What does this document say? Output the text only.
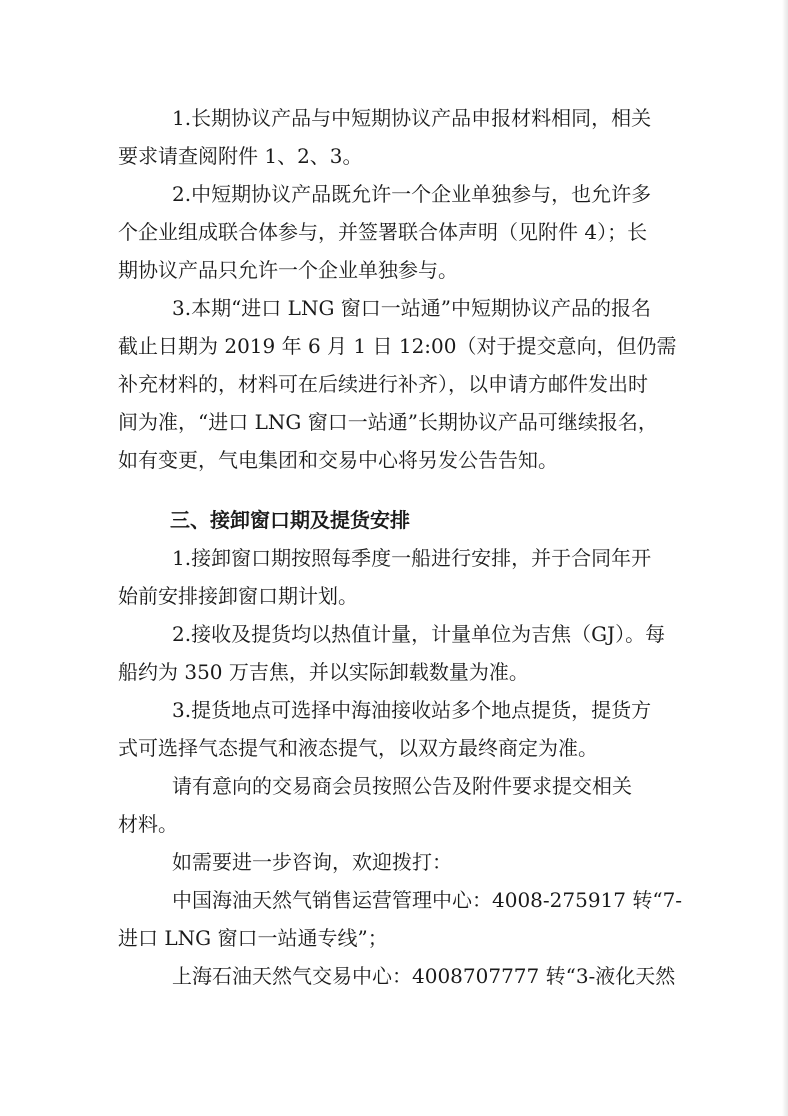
1.长期协议产品与中短期协议产品申报材料相同，相关
要求请查阅附件 1、2、3。
2.中短期协议产品既允许一个企业单独参与，也允许多
个企业组成联合体参与，并签署联合体声明（见附件 4）；长
期协议产品只允许一个企业单独参与。
3.本期“进口 LNG 窗口一站通”中短期协议产品的报名
截止日期为 2019 年 6 月 1 日 12:00（对于提交意向，但仍需
补充材料的，材料可在后续进行补齐），以申请方邮件发出时
间为准，“进口 LNG 窗口一站通”长期协议产品可继续报名，
如有变更，气电集团和交易中心将另发公告告知。
三、接卸窗口期及提货安排
1.接卸窗口期按照每季度一船进行安排，并于合同年开
始前安排接卸窗口期计划。
2.接收及提货均以热值计量，计量单位为吉焦（GJ）。每
船约为 350 万吉焦，并以实际卸载数量为准。
3.提货地点可选择中海油接收站多个地点提货，提货方
式可选择气态提气和液态提气，以双方最终商定为准。
请有意向的交易商会员按照公告及附件要求提交相关
材料。
如需要进一步咨询，欢迎拨打：
中国海油天然气销售运营管理中心：4008-275917 转“7-
进口 LNG 窗口一站通专线”；
上海石油天然气交易中心：4008707777 转“3-液化天然
